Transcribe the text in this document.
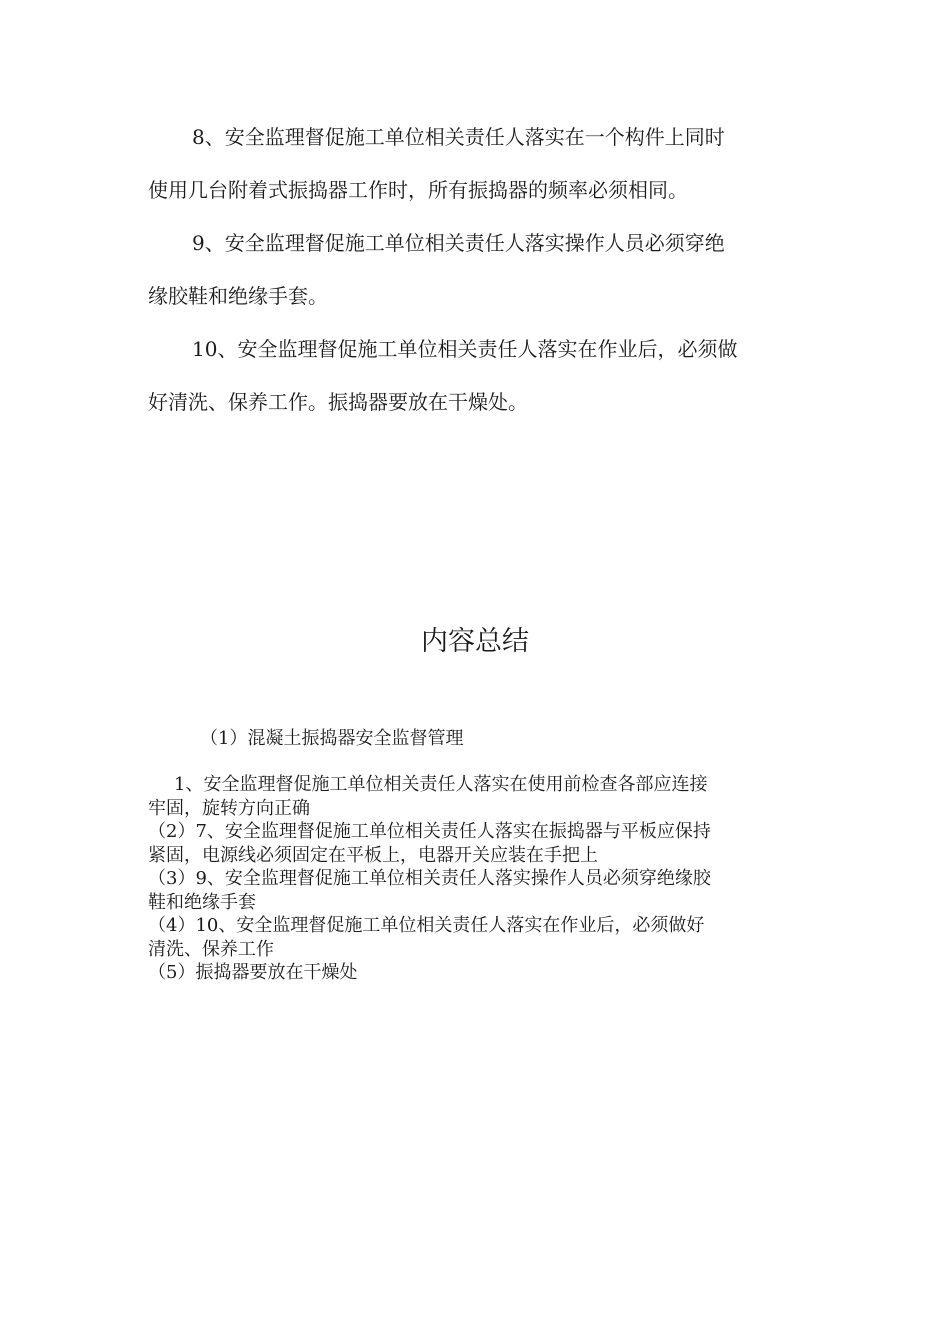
8、安全监理督促施工单位相关责任人落实在一个构件上同时

使用几台附着式振捣器工作时，所有振捣器的频率必须相同。

9、安全监理督促施工单位相关责任人落实操作人员必须穿绝

缘胶鞋和绝缘手套。

10、安全监理督促施工单位相关责任人落实在作业后，必须做

好清洗、保养工作。振捣器要放在干燥处。

内容总结

（1）混凝土振捣器安全监督管理

1、安全监理督促施工单位相关责任人落实在使用前检查各部应连接

牢固，旋转方向正确

（2）7、安全监理督促施工单位相关责任人落实在振捣器与平板应保持

紧固，电源线必须固定在平板上，电器开关应装在手把上

（3）9、安全监理督促施工单位相关责任人落实操作人员必须穿绝缘胶

鞋和绝缘手套

（4）10、安全监理督促施工单位相关责任人落实在作业后，必须做好

清洗、保养工作

（5）振捣器要放在干燥处
